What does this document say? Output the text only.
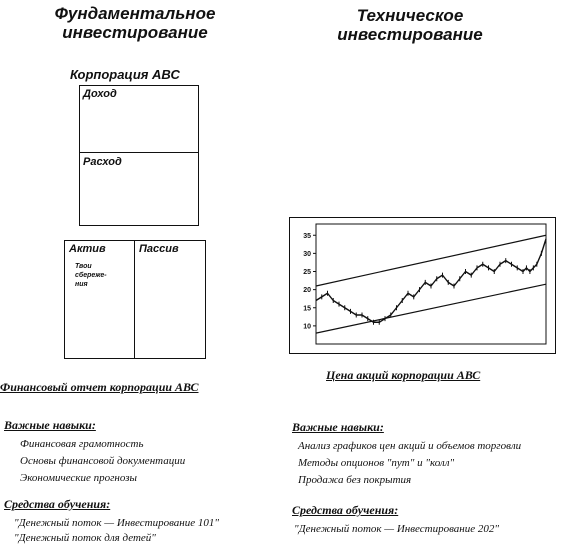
Фундаментальное
инвестирование
Корпорация АВС
Доход
Расход
Актив	Пассив
Твои
сбереже-
ния
Финансовый отчет корпорации АВС
Важные навыки:
Финансовая грамотность
Основы финансовой документации
Экономические прогнозы
Средства обучения:
"Денежный поток — Инвестирование 101"
"Денежный поток для детей"
Техническое
инвестирование
10
15
20
25
30
35
Цена акций корпорации АВС
Важные навыки:
Анализ графиков цен акций и объемов торговли
Методы опционов "пут" и "колл"
Продажа без покрытия
Средства обучения:
"Денежный поток — Инвестирование 202"
